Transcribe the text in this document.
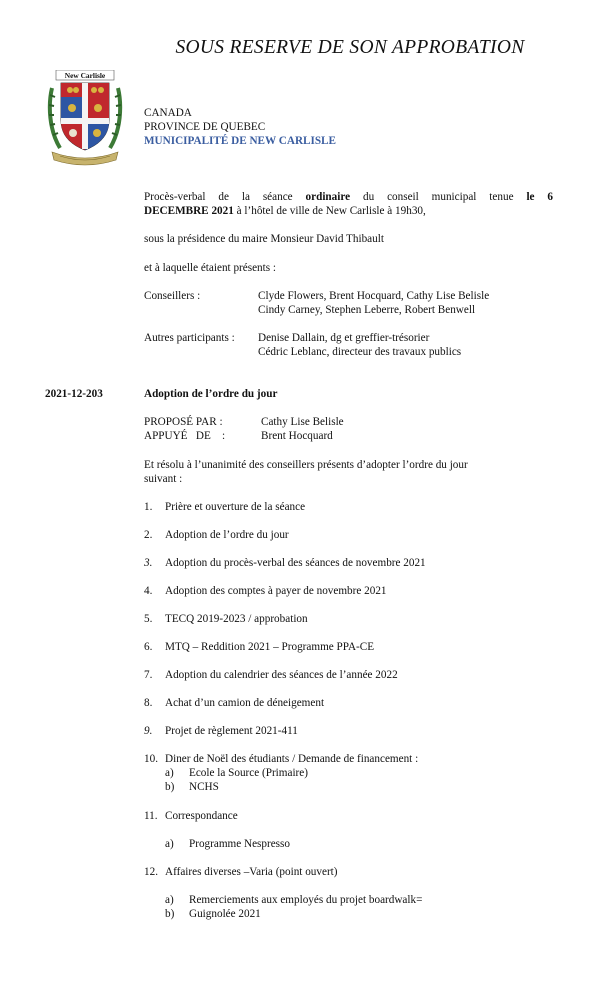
SOUS RESERVE DE SON APPROBATION
New Carlisle
CANADA
PROVINCE DE QUEBEC
MUNICIPALITÉ DE NEW CARLISLE
Procès-verbal de la séance ordinaire du conseil municipal tenue le 6
DECEMBRE 2021 à l’hôtel de ville de New Carlisle à 19h30,
sous la présidence du maire Monsieur David Thibault
et à laquelle étaient présents :
Conseillers :	Clyde Flowers, Brent Hocquard, Cathy Lise Belisle
Cindy Carney, Stephen Leberre, Robert Benwell
Autres participants : Denise Dallain, dg et greffier-trésorier
Cédric Leblanc, directeur des travaux publics
2021-12-203	Adoption de l’ordre du jour
PROPOSÉ PAR :	Cathy Lise Belisle
APPUYÉ   DE    :	Brent Hocquard
Et résolu à l’unanimité des conseillers présents d’adopter l’ordre du jour
suivant :
1. Prière et ouverture de la séance
2. Adoption de l’ordre du jour
3. Adoption du procès-verbal des séances de novembre 2021
4. Adoption des comptes à payer de novembre 2021
5. TECQ 2019-2023 / approbation
6. MTQ – Reddition 2021 – Programme PPA-CE
7. Adoption du calendrier des séances de l’année 2022
8. Achat d’un camion de déneigement
9. Projet de règlement 2021-411
10. Diner de Noël des étudiants / Demande de financement :
a) Ecole la Source (Primaire)
b) NCHS
11. Correspondance
a) Programme Nespresso
12. Affaires diverses –Varia (point ouvert)
a) Remerciements aux employés du projet boardwalk=
b) Guignolée 2021
